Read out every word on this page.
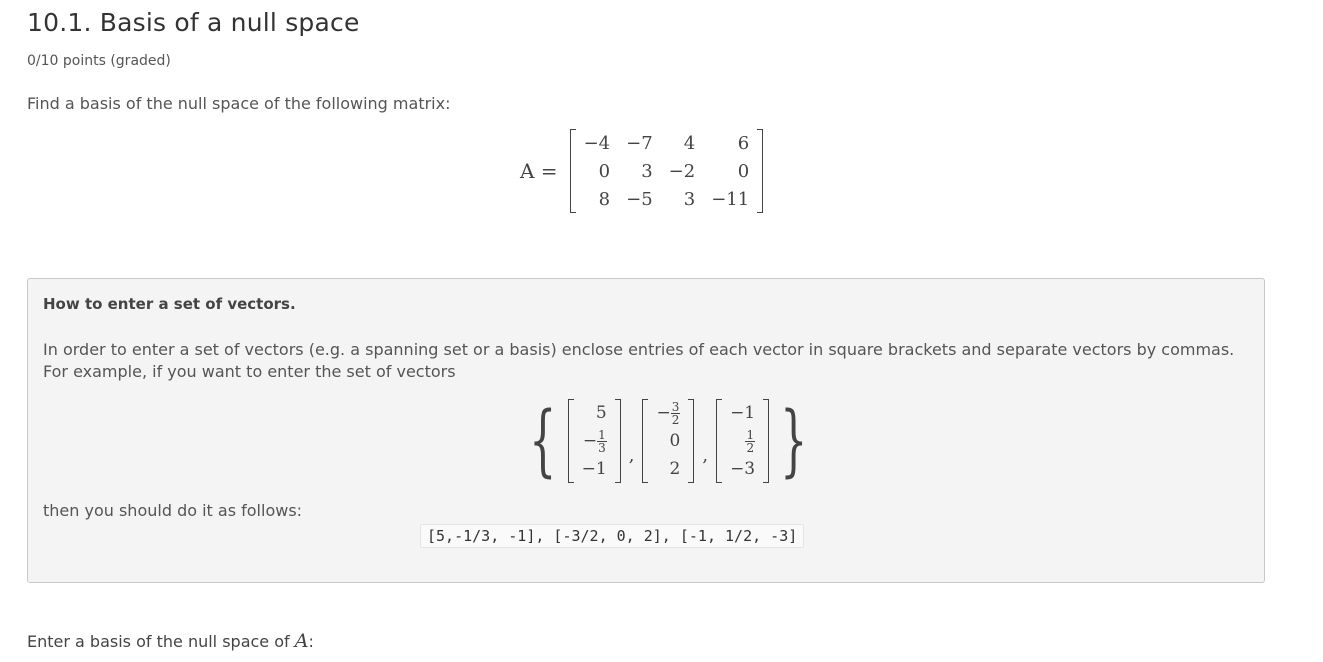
10.1. Basis of a null space
0/10 points (graded)
Find a basis of the null space of the following matrix:
A =
−4	−7	4	6
0	3	−2	0
8	−5	3	−11
How to enter a set of vectors.
In order to enter a set of vectors (e.g. a spanning set or a basis) enclose entries of each vector in square brackets and separate vectors by commas. For example, if you want to enter the set of vectors
{ 5
− $\frac{1}{3}$

−1
,
− $\frac{3}{2}$

0
2
,
−1

$\frac{1}{2}$

−3 }
then you should do it as follows:
[5,-1/3, -1], [-3/2, 0, 2], [-1, 1/2, -3]
Enter a basis of the null space of A:
